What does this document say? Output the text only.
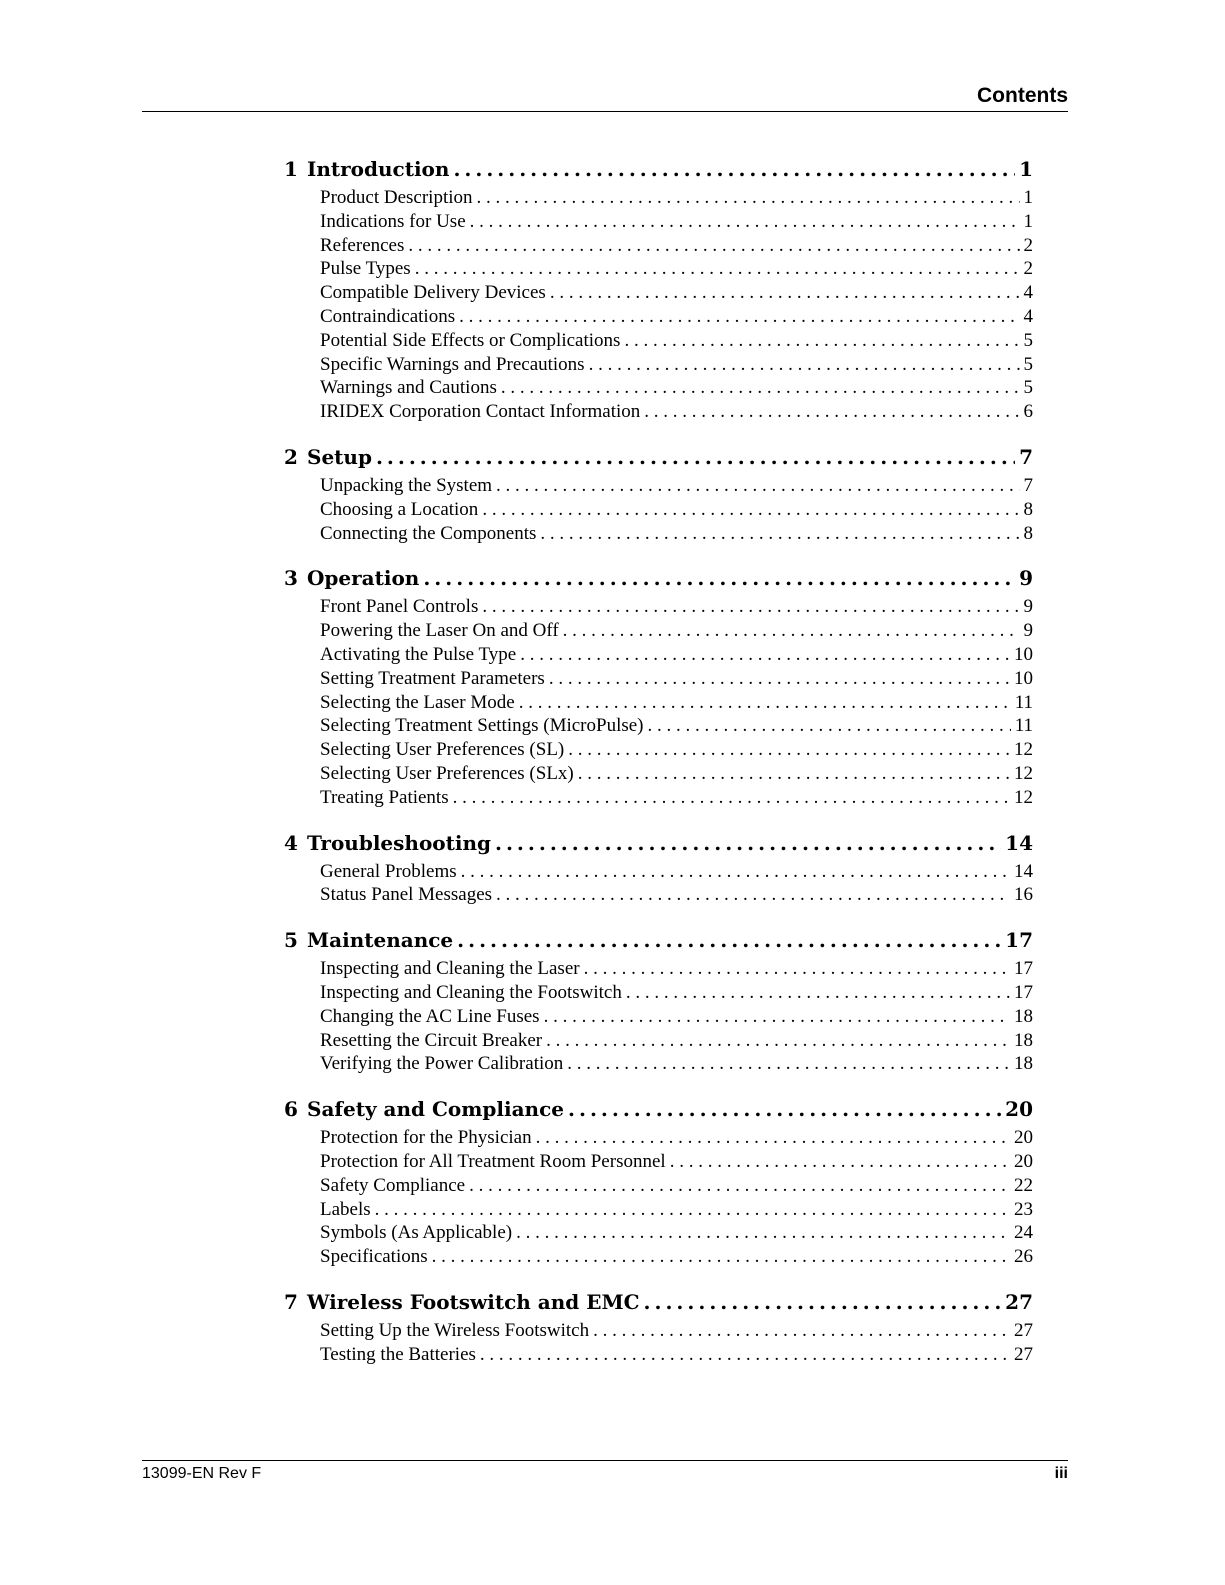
Contents
1 Introduction .....	1
Product Description . . .	1
Indications for Use . . .	1
References . . .	2
Pulse Types . . .	2
Compatible Delivery Devices . . .	4
Contraindications . . .	4
Potential Side Effects or Complications . . .	5
Specific Warnings and Precautions . . .	5
Warnings and Cautions . . .	5
IRIDEX Corporation Contact Information . . .	6
2 Setup .....	7
Unpacking the System . . .	7
Choosing a Location . . .	8
Connecting the Components . . .	8
3 Operation .....	9
Front Panel Controls . . .	9
Powering the Laser On and Off . . .	9
Activating the Pulse Type . . .	10
Setting Treatment Parameters . . .	10
Selecting the Laser Mode . . .	11
Selecting Treatment Settings (MicroPulse) . . .	11
Selecting User Preferences (SL) . . .	12
Selecting User Preferences (SLx) . . .	12
Treating Patients . . .	12
4 Troubleshooting .....	14
General Problems . . .	14
Status Panel Messages . . .	16
5 Maintenance .....	17
Inspecting and Cleaning the Laser . . .	17
Inspecting and Cleaning the Footswitch . . .	17
Changing the AC Line Fuses . . .	18
Resetting the Circuit Breaker . . .	18
Verifying the Power Calibration . . .	18
6 Safety and Compliance .....	20
Protection for the Physician . . .	20
Protection for All Treatment Room Personnel . . .	20
Safety Compliance . . .	22
Labels . . .	23
Symbols (As Applicable) . . .	24
Specifications . . .	26
7 Wireless Footswitch and EMC .....	27
Setting Up the Wireless Footswitch . . .	27
Testing the Batteries . . .	27
13099-EN Rev F	iii
